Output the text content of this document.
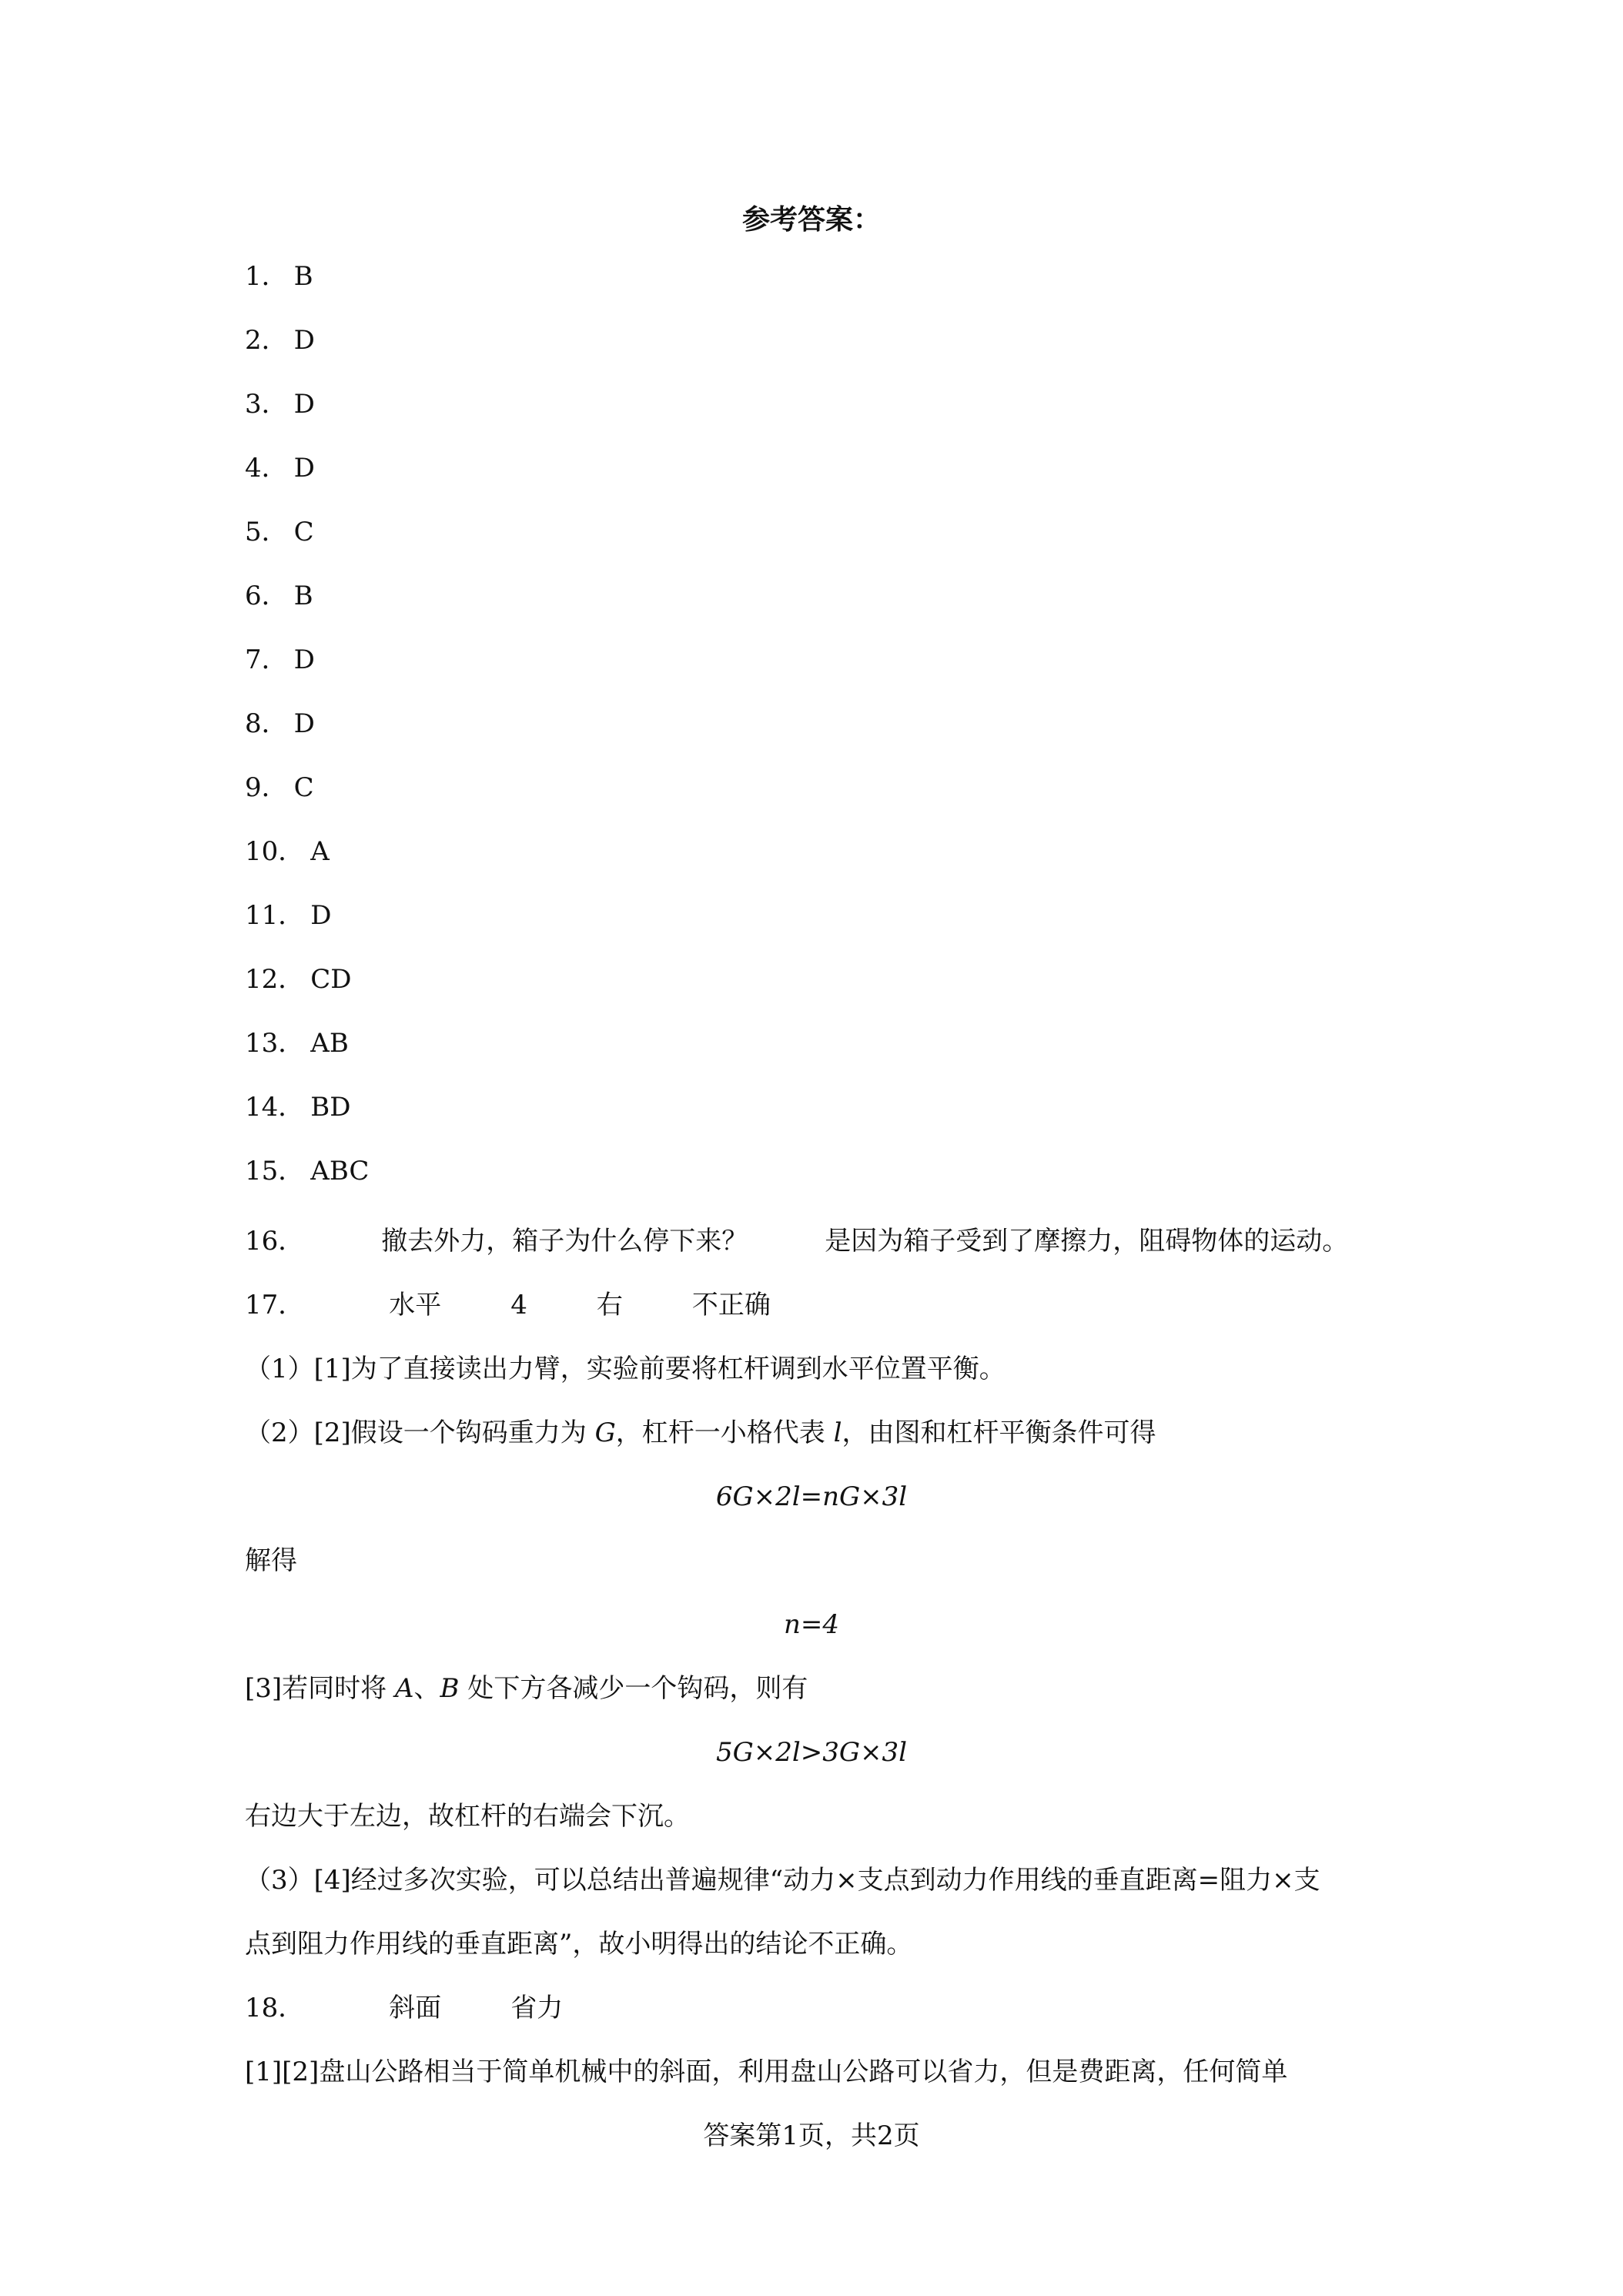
参考答案：
1． B
2． D
3． D
4． D
5． C
6． B
7． D
8． D
9． C
10． A
11． D
12． CD
13． AB
14． BD
15． ABC
16．	撤去外力，箱子为什么停下来？	是因为箱子受到了摩擦力，阻碍物体的运动。
17．	水平	4	右	不正确
（1）[1]为了直接读出力臂，实验前要将杠杆调到水平位置平衡。
（2）[2]假设一个钩码重力为 G，杠杆一小格代表 l，由图和杠杆平衡条件可得
6G×2l=nG×3l
解得
n=4
[3]若同时将 A、B 处下方各减少一个钩码，则有
5G×2l>3G×3l
右边大于左边，故杠杆的右端会下沉。
（3）[4]经过多次实验，可以总结出普遍规律“动力×支点到动力作用线的垂直距离=阻力×支
点到阻力作用线的垂直距离”，故小明得出的结论不正确。
18．	斜面	省力
[1][2]盘山公路相当于简单机械中的斜面，利用盘山公路可以省力，但是费距离，任何简单
答案第1页，共2页
